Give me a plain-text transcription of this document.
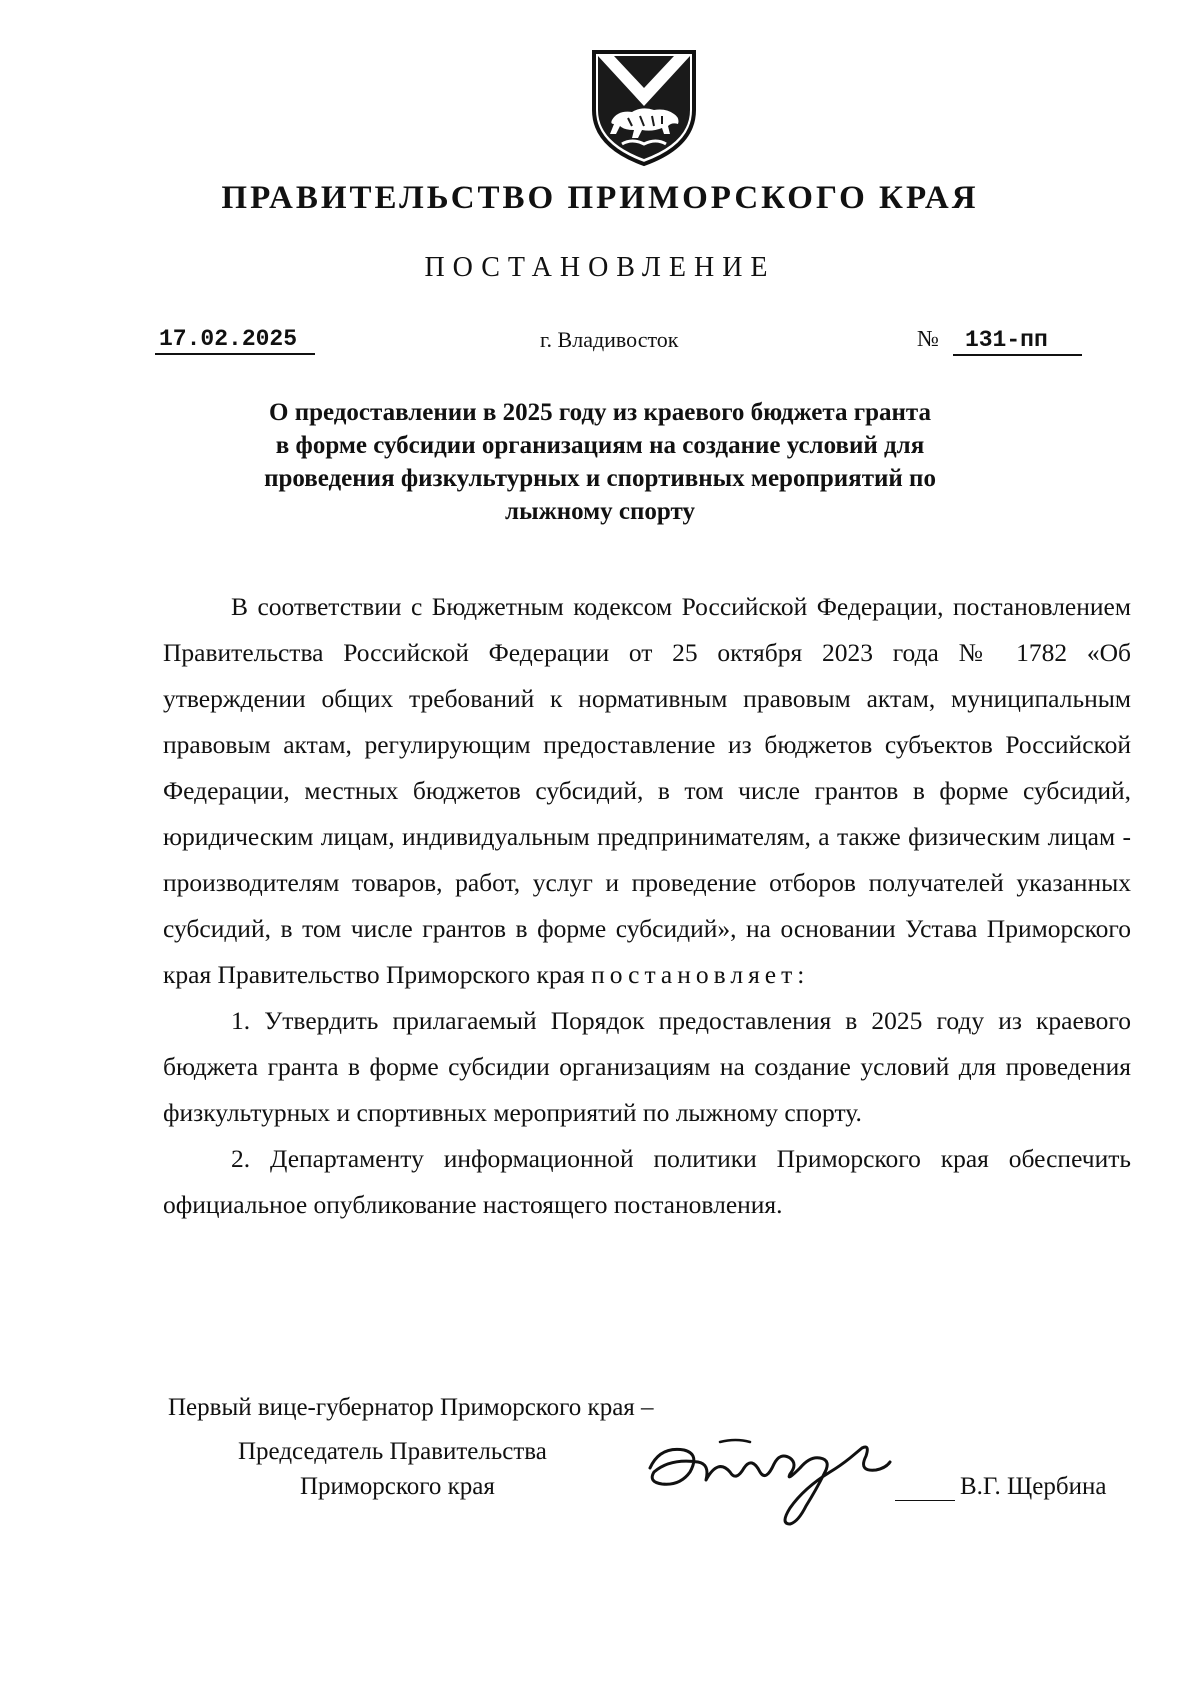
ПРАВИТЕЛЬСТВО ПРИМОРСКОГО КРАЯ
ПОСТАНОВЛЕНИЕ
17.02.2025	г. Владивосток	№ 131-пп
О предоставлении в 2025 году из краевого бюджета гранта
в форме субсидии организациям на создание условий для
проведения физкультурных и спортивных мероприятий по
лыжному спорту

В соответствии с Бюджетным кодексом Российской Федерации, постановлением Правительства Российской Федерации от 25 октября 2023 года № 1782 «Об утверждении общих требований к нормативным правовым актам, муниципальным правовым актам, регулирующим предоставление из бюджетов субъектов Российской Федерации, местных бюджетов субсидий, в том числе грантов в форме субсидий, юридическим лицам, индивидуальным предпринимателям, а также физическим лицам - производителям товаров, работ, услуг и проведение отборов получателей указанных субсидий, в том числе грантов в форме субсидий», на основании Устава Приморского края Правительство Приморского края постановляет:

1. Утвердить прилагаемый Порядок предоставления в 2025 году из краевого бюджета гранта в форме субсидии организациям на создание условий для проведения физкультурных и спортивных мероприятий по лыжному спорту.

2. Департаменту информационной политики Приморского края обеспечить официальное опубликование настоящего постановления.

Первый вице-губернатор Приморского края –
Председатель Правительства
Приморского края	В.Г. Щербина
